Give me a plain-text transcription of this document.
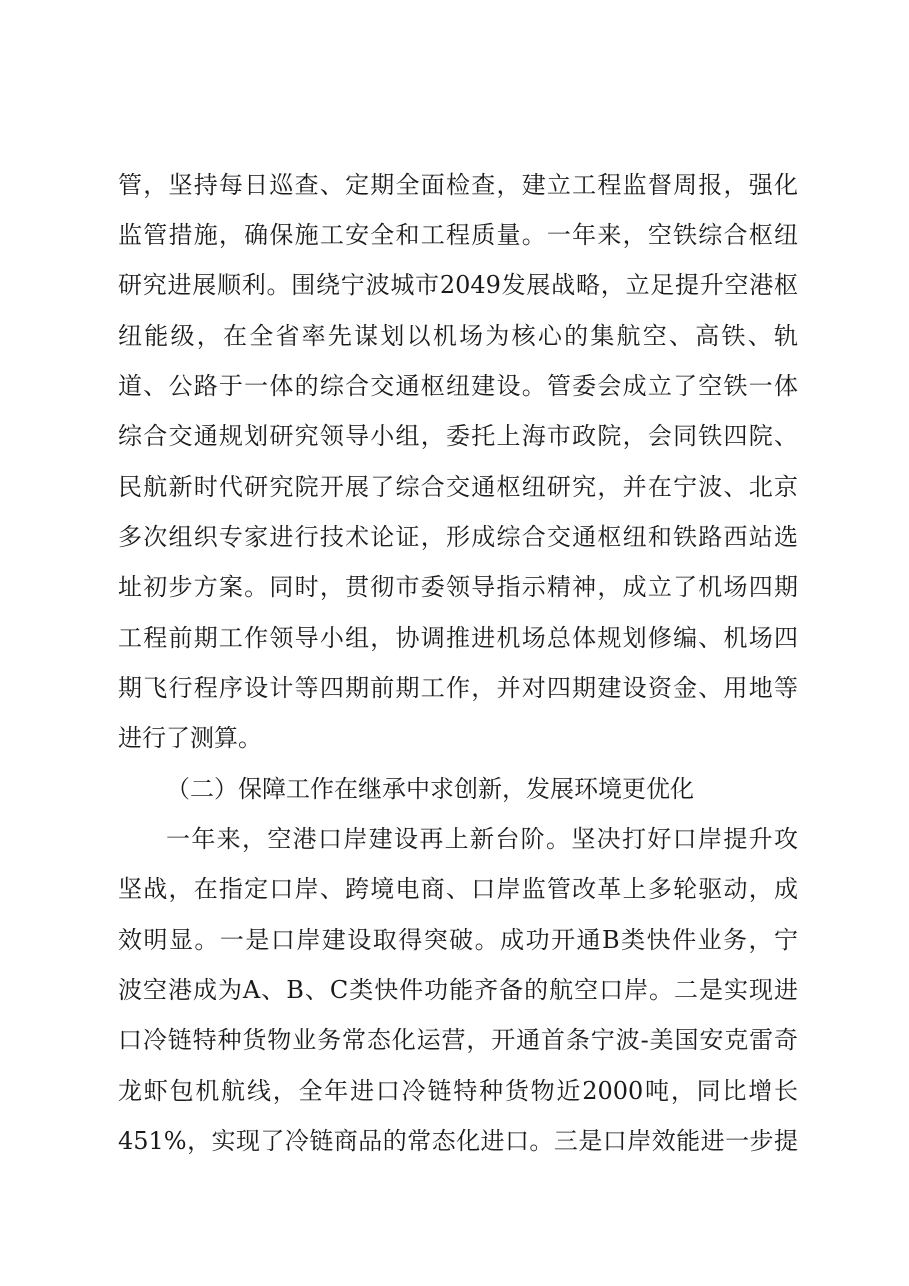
管，坚持每日巡查、定期全面检查，建立工程监督周报，强化
监管措施，确保施工安全和工程质量。一年来，空铁综合枢纽
研究进展顺利。围绕宁波城市2049发展战略，立足提升空港枢
纽能级，在全省率先谋划以机场为核心的集航空、高铁、轨
道、公路于一体的综合交通枢纽建设。管委会成立了空铁一体
综合交通规划研究领导小组，委托上海市政院，会同铁四院、
民航新时代研究院开展了综合交通枢纽研究，并在宁波、北京
多次组织专家进行技术论证，形成综合交通枢纽和铁路西站选
址初步方案。同时，贯彻市委领导指示精神，成立了机场四期
工程前期工作领导小组，协调推进机场总体规划修编、机场四
期飞行程序设计等四期前期工作，并对四期建设资金、用地等
进行了测算。
（二）保障工作在继承中求创新，发展环境更优化
一年来，空港口岸建设再上新台阶。坚决打好口岸提升攻
坚战，在指定口岸、跨境电商、口岸监管改革上多轮驱动，成
效明显。一是口岸建设取得突破。成功开通B类快件业务，宁
波空港成为A、B、C类快件功能齐备的航空口岸。二是实现进
口冷链特种货物业务常态化运营，开通首条宁波-美国安克雷奇
龙虾包机航线，全年进口冷链特种货物近2000吨，同比增长
451%，实现了冷链商品的常态化进口。三是口岸效能进一步提
